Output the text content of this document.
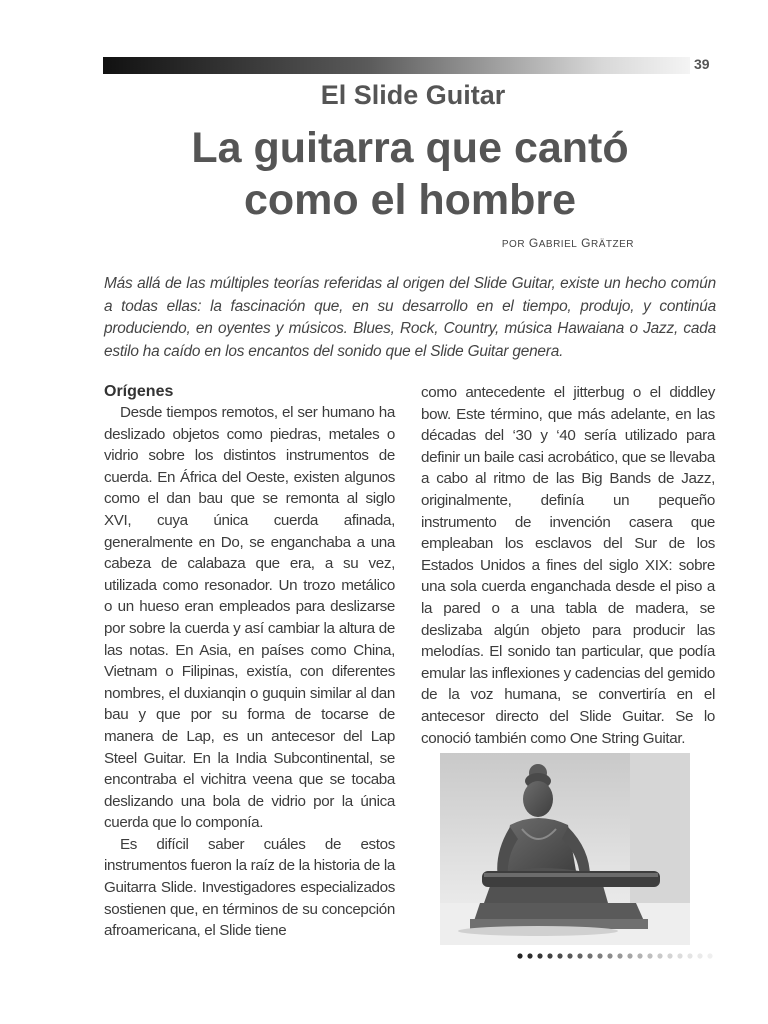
39
El Slide Guitar
La guitarra que cantó
como el hombre
POR GABRIEL GRÄTZER
Más allá de las múltiples teorías referidas al origen del Slide Guitar, existe un hecho común a todas ellas: la fascinación que, en su desarrollo en el tiempo, produjo, y continúa produciendo, en oyentes y músicos. Blues, Rock, Country, música Hawaiana o Jazz, cada estilo ha caído en los encantos del sonido que el Slide Guitar genera.
Orígenes

Desde tiempos remotos, el ser humano ha deslizado objetos como piedras, metales o vidrio sobre los distintos instrumentos de cuerda. En África del Oeste, existen algunos como el dan bau que se remonta al siglo XVI, cuya única cuerda afinada, generalmente en Do, se enganchaba a una cabeza de calabaza que era, a su vez, utilizada como resonador. Un trozo metálico o un hueso eran empleados para deslizarse por sobre la cuerda y así cambiar la altura de las notas. En Asia, en países como China, Vietnam o Filipinas, existía, con diferentes nombres, el duxianqin o guquin similar al dan bau y que por su forma de tocarse de manera de Lap, es un antecesor del Lap Steel Guitar. En la India Subcontinental, se encontraba el vichitra veena que se tocaba deslizando una bola de vidrio por la única cuerda que lo componía.

Es difícil saber cuáles de estos instrumentos fueron la raíz de la historia de la Guitarra Slide. Investigadores especializados sostienen que, en términos de su concepción afroamericana, el Slide tiene

como antecedente el jitterbug o el diddley bow. Este término, que más adelante, en las décadas del ‘30 y ‘40 sería utilizado para definir un baile casi acrobático, que se llevaba a cabo al ritmo de las Big Bands de Jazz, originalmente, definía un pequeño instrumento de invención casera que empleaban los esclavos del Sur de los Estados Unidos a fines del siglo XIX: sobre una sola cuerda enganchada desde el piso a la pared o a una tabla de madera, se deslizaba algún objeto para producir las melodías. El sonido tan particular, que podía emular las inflexiones y cadencias del gemido de la voz humana, se convertiría en el antecesor directo del Slide Guitar. Se lo conoció también como One String Guitar.
